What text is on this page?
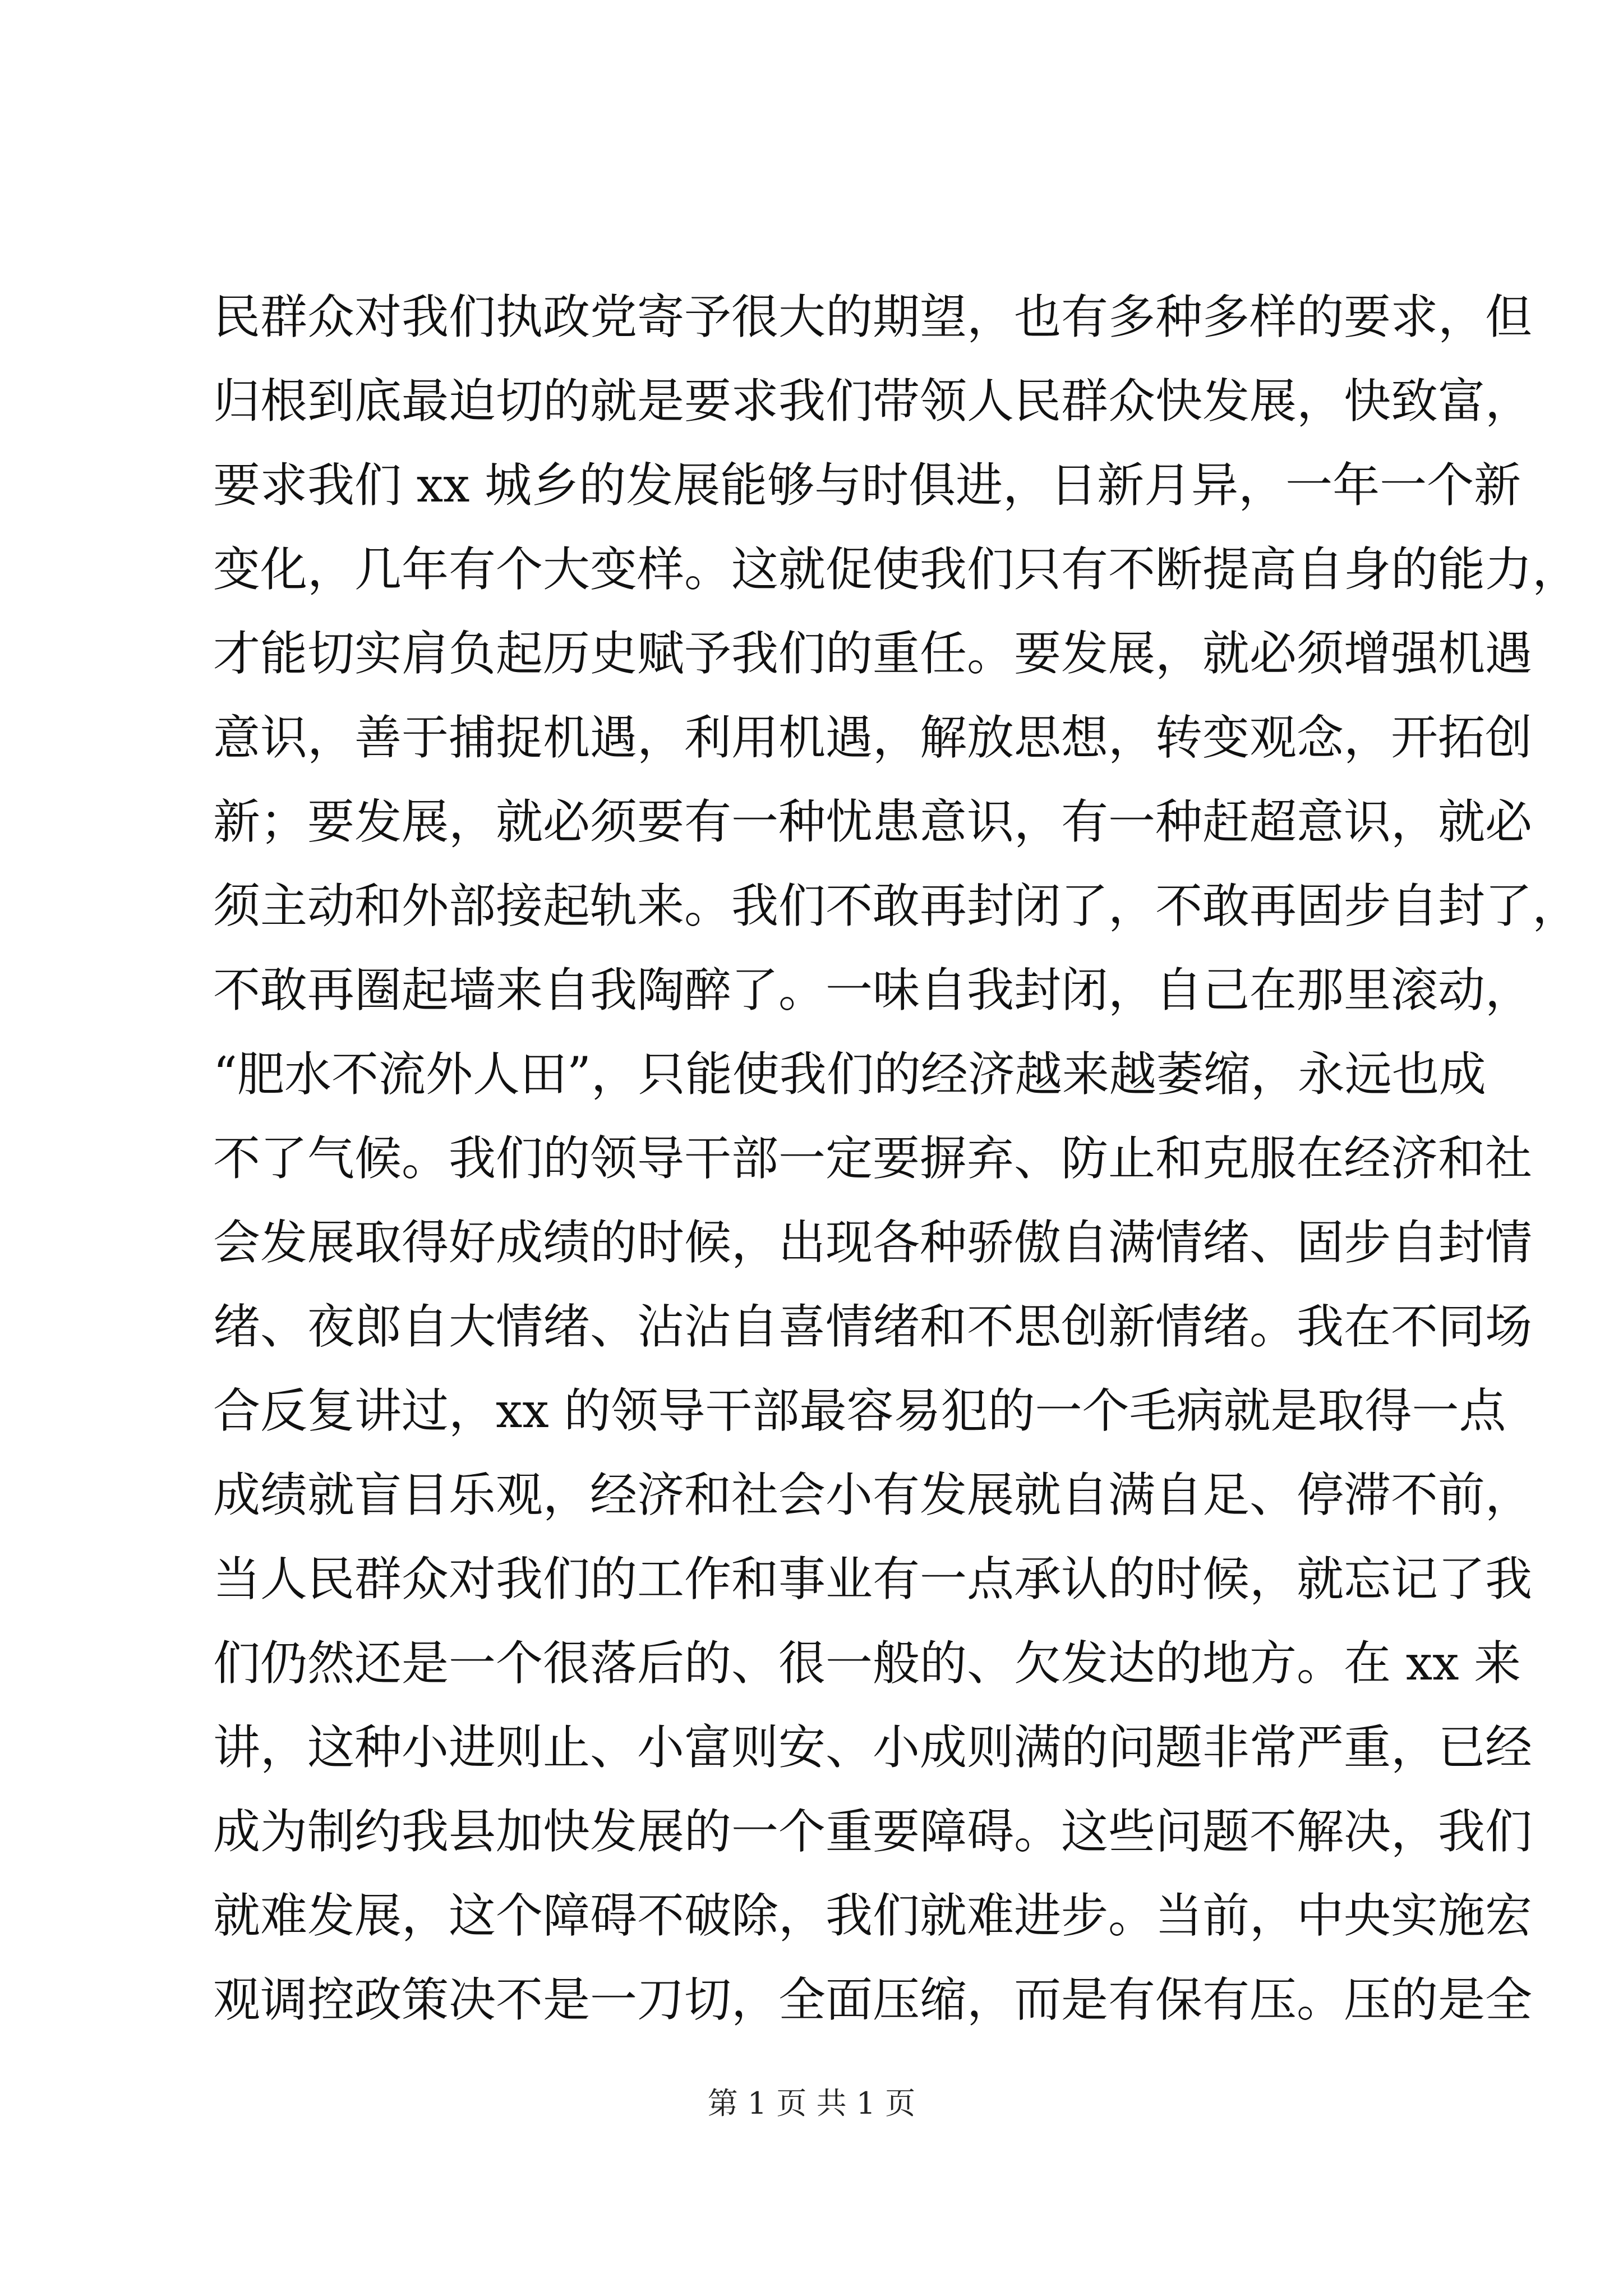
民群众对我们执政党寄予很大的期望，也有多种多样的要求，但
归根到底最迫切的就是要求我们带领人民群众快发展，快致富，
要求我们 xx 城乡的发展能够与时俱进，日新月异，一年一个新
变化，几年有个大变样。这就促使我们只有不断提高自身的能力，
才能切实肩负起历史赋予我们的重任。要发展，就必须增强机遇
意识，善于捕捉机遇，利用机遇，解放思想，转变观念，开拓创
新；要发展，就必须要有一种忧患意识，有一种赶超意识，就必
须主动和外部接起轨来。我们不敢再封闭了，不敢再固步自封了，
不敢再圈起墙来自我陶醉了。一味自我封闭，自己在那里滚动，
“肥水不流外人田”，只能使我们的经济越来越萎缩，永远也成
不了气候。我们的领导干部一定要摒弃、防止和克服在经济和社
会发展取得好成绩的时候，出现各种骄傲自满情绪、固步自封情
绪、夜郎自大情绪、沾沾自喜情绪和不思创新情绪。我在不同场
合反复讲过，xx 的领导干部最容易犯的一个毛病就是取得一点
成绩就盲目乐观，经济和社会小有发展就自满自足、停滞不前，
当人民群众对我们的工作和事业有一点承认的时候，就忘记了我
们仍然还是一个很落后的、很一般的、欠发达的地方。在 xx 来
讲，这种小进则止、小富则安、小成则满的问题非常严重，已经
成为制约我县加快发展的一个重要障碍。这些问题不解决，我们
就难发展，这个障碍不破除，我们就难进步。当前，中央实施宏
观调控政策决不是一刀切，全面压缩，而是有保有压。压的是全
第 1 页 共 1 页
